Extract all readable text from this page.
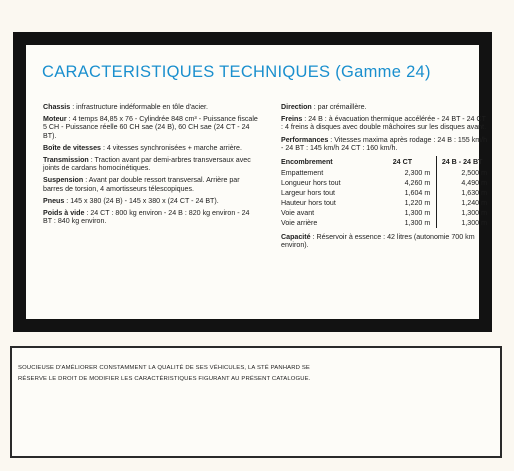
CARACTERISTIQUES TECHNIQUES (Gamme 24)
Chassis : infrastructure indéformable en tôle d'acier.
Moteur : 4 temps 84,85 x 76 - Cylindrée 848 cm³ - Puissance fiscale 5 CH - Puissance réelle 60 CH sae (24 B), 60 CH sae (24 CT - 24 BT).
Boîte de vitesses : 4 vitesses synchronisées + marche arrière.
Transmission : Traction avant par demi-arbres transversaux avec joints de cardans homocinétiques.
Suspension : Avant par double ressort transversal. Arrière par barres de torsion, 4 amortisseurs télescopiques.
Pneus : 145 x 380 (24 B) - 145 x 380 x (24 CT - 24 BT).
Poids à vide : 24 CT : 800 kg environ - 24 B : 820 kg environ - 24 BT : 840 kg environ.
Direction : par crémaillère.
Freins : 24 B : à évacuation thermique accélérée - 24 BT - 24 CT : 4 freins à disques avec double mâchoires sur les disques avant.
Performances : Vitesses maxima après rodage : 24 B : 155 km/h - 24 BT : 145 km/h 24 CT : 160 km/h.
Encombrement	24 CT	24 B - 24 BT
Empattement	2,300 m	2,500 m
Longueur hors tout	4,260 m	4,490 m
Largeur hors tout	1,604 m	1,630 m
Hauteur hors tout	1,220 m	1,240 m
Voie avant	1,300 m	1,300 m
Voie arrière	1,300 m	1,300 m
Capacité : Réservoir à essence : 42 litres (autonomie 700 km environ).
SOUCIEUSE D'AMÉLIORER CONSTAMMENT LA QUALITÉ DE SES VÉHICULES, LA STÉ PANHARD SE
RÉSERVE LE DROIT DE MODIFIER LES CARACTÉRISTIQUES FIGURANT AU PRÉSENT CATALOGUE.
